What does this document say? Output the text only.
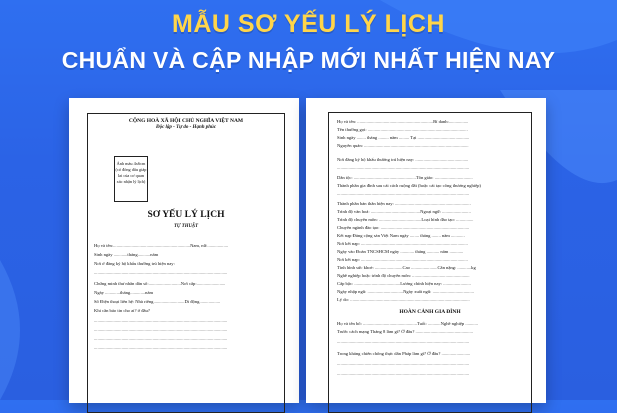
MẪU SƠ YẾU LÝ LỊCH
CHUẨN VÀ CẬP NHẬP MỚI NHẤT HIỆN NAY
CỘNG HOÀ XÃ HỘI CHỦ NGHĨA VIỆT NAM
Độc lập - Tự do - Hạnh phúc
Ảnh màu 4x6cm (có đóng dấu giáp lai của cơ quan xác nhận lý lịch)
SƠ YẾU LÝ LỊCH
TỰ THUẬT
Họ và tên:...................................................................Nam, nữ:..................
Sinh ngày ............tháng...........năm
Nơi ở đăng ký hộ khẩu thường trú hiện nay:
....................................................................................................................
Chứng minh thư nhân dân số:............................Nơi cấp:.........................
Ngày .............tháng.............năm
Số Điện thoại liên hệ: Nhà riêng...........................Di động..................
Khi cần báo tin cho ai? ở đâu?
....................................................................................................................
....................................................................................................................
....................................................................................................................
....................................................................................................................
Họ và tên: ..................................................................Bí danh:.................
Tên thường gọi: .......................................................................................
Sinh ngày ........ tháng ......... năm ......... Tại .............................................
Nguyên quán: ...........................................................................................
Nơi đăng ký hộ khẩu thường trú hiện nay: ..............................................
...................................................................................................................
Dân tộc: ......................................................Tôn giáo: .................................
Thành phần gia đình sau cải cách ruộng đất (hoặc cải tạo công thương nghiệp)
...................................................................................................................
Thành phần bản thân hiện nay: ..................................................................
Trình độ văn hoá: ...........................................Ngoại ngữ: .........................
Trình độ chuyên môn: .....................................Loại hình đào tạo: ...............
Chuyên ngành đào tạo: .............................................................................
Kết nạp Đảng cộng sản Việt Nam ngày ........ tháng ........ năm ............
Nơi kết nạp: .............................................................................................
Ngày vào Đoàn TNCSHCM ngày ............ tháng ........... năm ............
Nơi kết nạp: .............................................................................................
Tình hình sức khoẻ: ........................Cao .......................Cân nặng: ............kg
Nghề nghiệp hoặc trình độ chuyên môn: ..................................................
Cấp bậc: ........................................Lương chính hiện nay: ........................
Ngày nhập ngũ: ...............................Ngày xuất ngũ: ....................................
Lý do: ........................................................................................................
HOÀN CẢNH GIA ĐÌNH
Họ và tên bố: ...............................................Tuổi: ...........Nghề nghiệp ...........
Trước cách mạng Tháng 8 làm gì? Ở đâu? ..................................................
...................................................................................................................
Trong kháng chiến chống thực dân Pháp làm gì? Ở đâu? .........................
...................................................................................................................
...................................................................................................................
